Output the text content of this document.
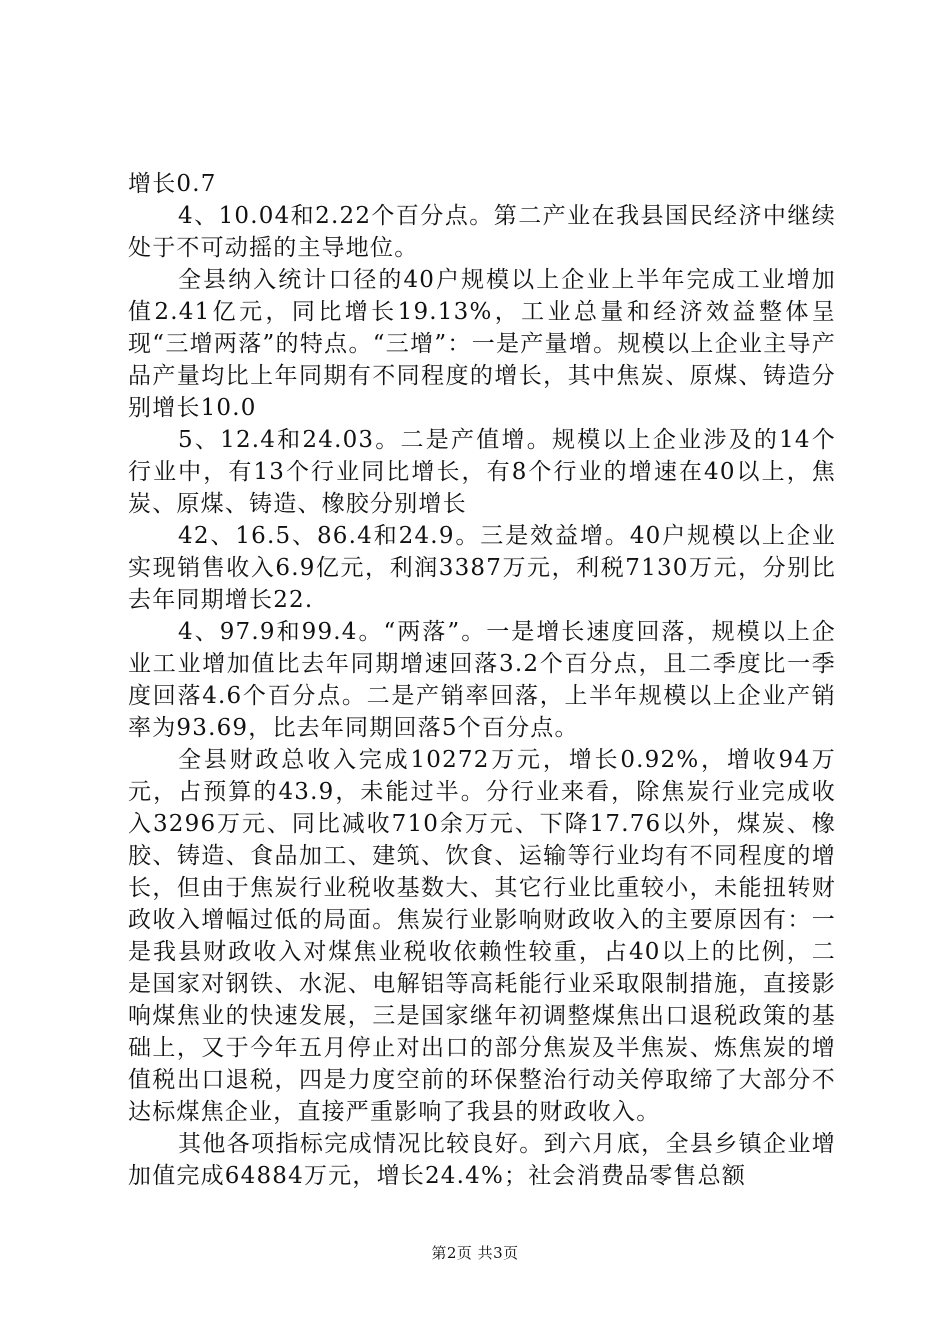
增长0.7

4、10.04和2.22个百分点。第二产业在我县国民经济中继续处于不可动摇的主导地位。

全县纳入统计口径的40户规模以上企业上半年完成工业增加值2.41亿元，同比增长19.13%，工业总量和经济效益整体呈现“三增两落”的特点。“三增”：一是产量增。规模以上企业主导产品产量均比上年同期有不同程度的增长，其中焦炭、原煤、铸造分别增长10.0

5、12.4和24.03。二是产值增。规模以上企业涉及的14个行业中，有13个行业同比增长，有8个行业的增速在40以上，焦炭、原煤、铸造、橡胶分别增长

42、16.5、86.4和24.9。三是效益增。40户规模以上企业实现销售收入6.9亿元，利润3387万元，利税7130万元，分别比去年同期增长22.

4、97.9和99.4。“两落”。一是增长速度回落，规模以上企业工业增加值比去年同期增速回落3.2个百分点，且二季度比一季度回落4.6个百分点。二是产销率回落，上半年规模以上企业产销率为93.69，比去年同期回落5个百分点。

全县财政总收入完成10272万元，增长0.92%，增收94万元，占预算的43.9，未能过半。分行业来看，除焦炭行业完成收入3296万元、同比减收710余万元、下降17.76以外，煤炭、橡胶、铸造、食品加工、建筑、饮食、运输等行业均有不同程度的增长，但由于焦炭行业税收基数大、其它行业比重较小，未能扭转财政收入增幅过低的局面。焦炭行业影响财政收入的主要原因有：一是我县财政收入对煤焦业税收依赖性较重，占40以上的比例，二是国家对钢铁、水泥、电解铝等高耗能行业采取限制措施，直接影响煤焦业的快速发展，三是国家继年初调整煤焦出口退税政策的基础上，又于今年五月停止对出口的部分焦炭及半焦炭、炼焦炭的增值税出口退税，四是力度空前的环保整治行动关停取缔了大部分不达标煤焦企业，直接严重影响了我县的财政收入。

其他各项指标完成情况比较良好。到六月底，全县乡镇企业增加值完成64884万元，增长24.4%；社会消费品零售总额

第2页 共3页
